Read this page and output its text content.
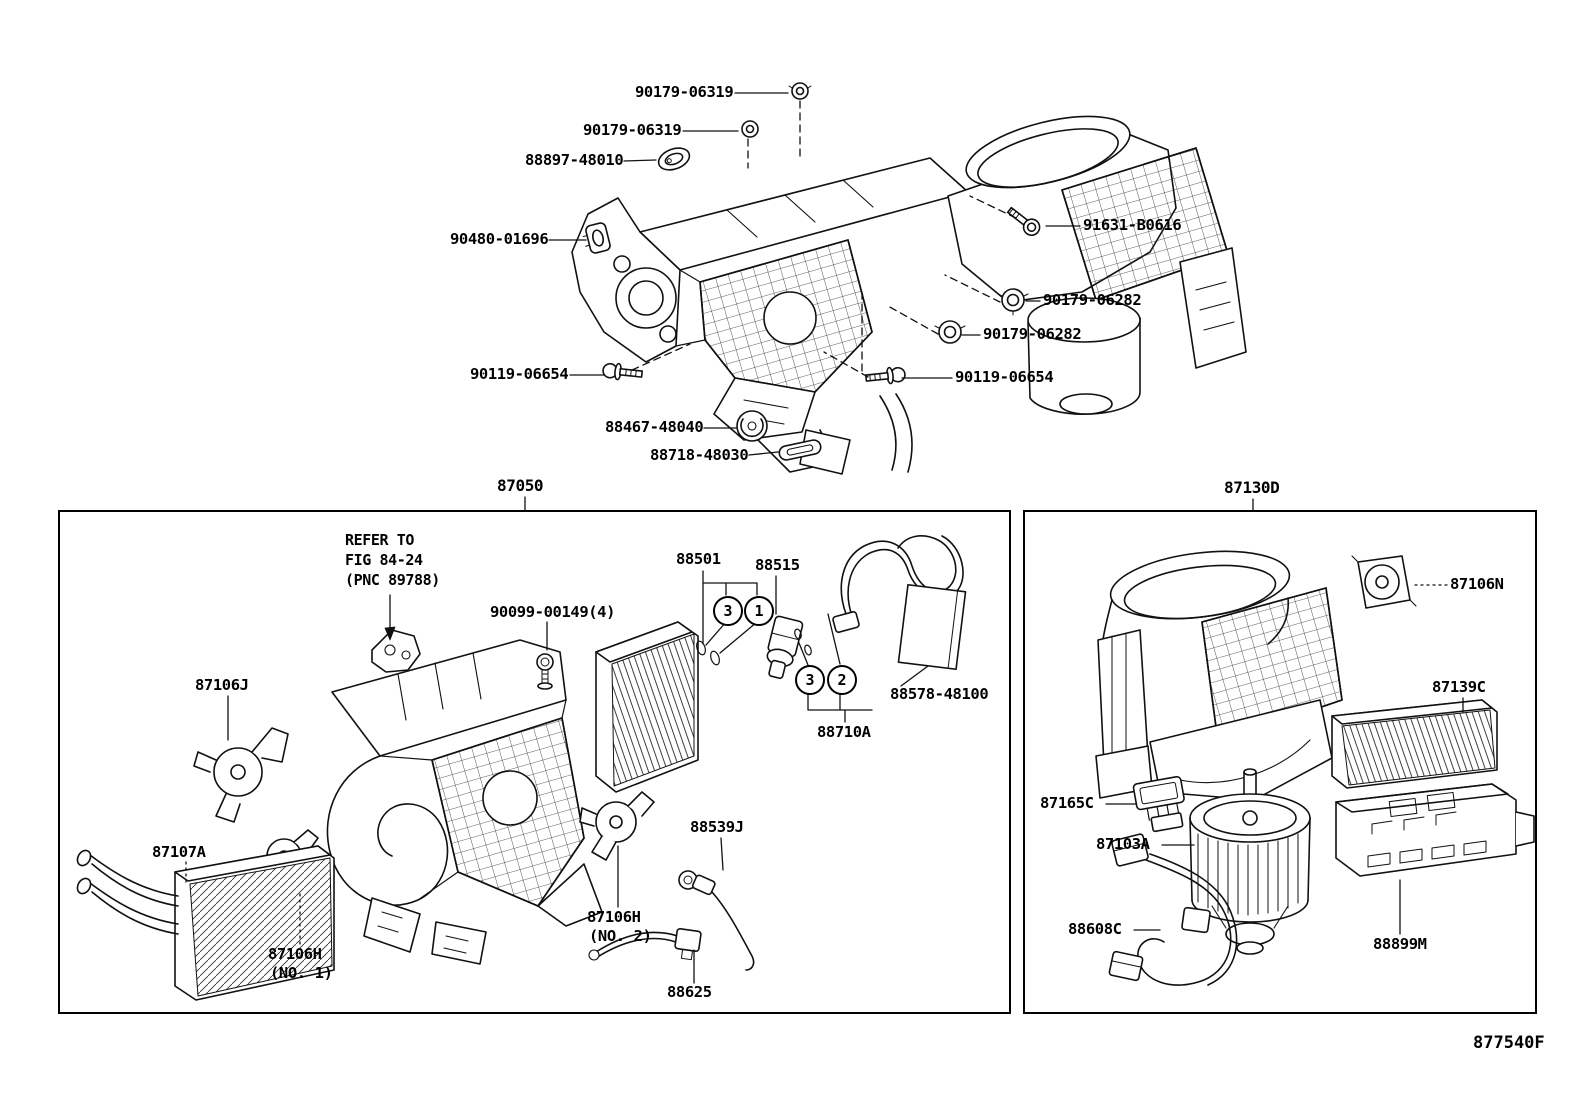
90179-06319
90179-06319
88897-48010
90480-01696
91631-B0616
90179-06282
90179-06282
90119-06654	90119-06654
88467-48040
88718-48030
87050
REFER TO
FIG 84-24
(PNC 89788)
90099-00149(4)
88501 88515
88578-48100
88710A
87106J
87107A
87106H
(NO. 1)
87106H
(NO. 2)
88539J
88625
3	1
3	2
87130D
87106N
87139C
87165C
87103A
88608C
88899M
877540F
